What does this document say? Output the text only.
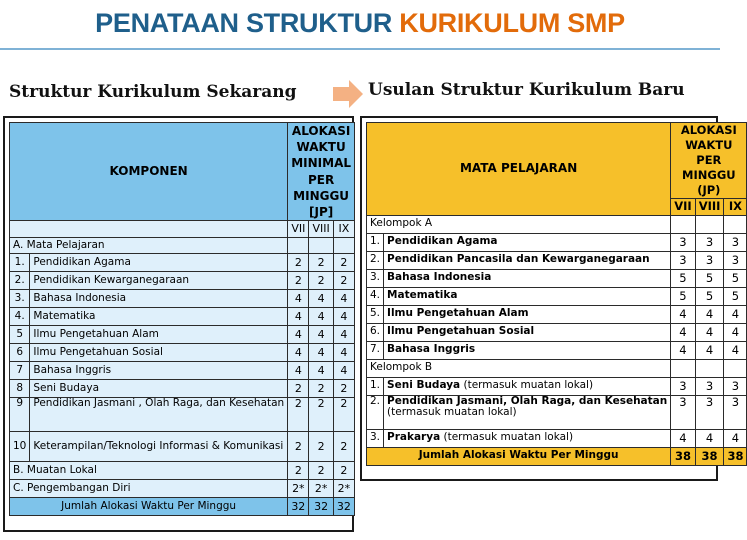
PENATAAN STRUKTUR KURIKULUM SMP
Struktur Kurikulum Sekarang	Usulan Struktur Kurikulum Baru
KOMPONEN		ALOKASI WAKTU MINIMAL PER MINGGU [JP]		
		VII	VIII	IX
A. Mata Pelajaran				
1.	Pendidikan Agama	2	2	2
2.	Pendidikan Kewarganegaraan	2	2	2
3.	Bahasa Indonesia	4	4	4
4.	Matematika	4	4	4
5	Ilmu Pengetahuan Alam	4	4	4
6	Ilmu Pengetahuan Sosial	4	4	4
7	Bahasa Inggris	4	4	4
8	Seni Budaya	2	2	2
9	Pendidikan Jasmani , Olah Raga, dan Kesehatan	2	2	2
10	Keterampilan/Teknologi Informasi & Komunikasi	2	2	2
B. Muatan Lokal		2	2	2
C. Pengembangan Diri		2*	2*	2*
Jumlah Alokasi Waktu Per Minggu		32	32	32
MATA PELAJARAN		ALOKASI WAKTU PER MINGGU (JP)		
		VII	VIII	IX
Kelompok A				
1.	Pendidikan Agama	3	3	3
2.	Pendidikan Pancasila dan Kewarganegaraan	3	3	3
3.	Bahasa Indonesia	5	5	5
4.	Matematika	5	5	5
5.	Ilmu Pengetahuan Alam	4	4	4
6.	Ilmu Pengetahuan Sosial	4	4	4
7.	Bahasa Inggris	4	4	4
Kelompok B				
1.	Seni Budaya (termasuk muatan lokal)	3	3	3
2.	Pendidikan Jasmani, Olah Raga, dan Kesehatan
(termasuk muatan lokal)	3	3	3
3.	Prakarya (termasuk muatan lokal)	4	4	4
Jumlah Alokasi Waktu Per Minggu		38	38	38
